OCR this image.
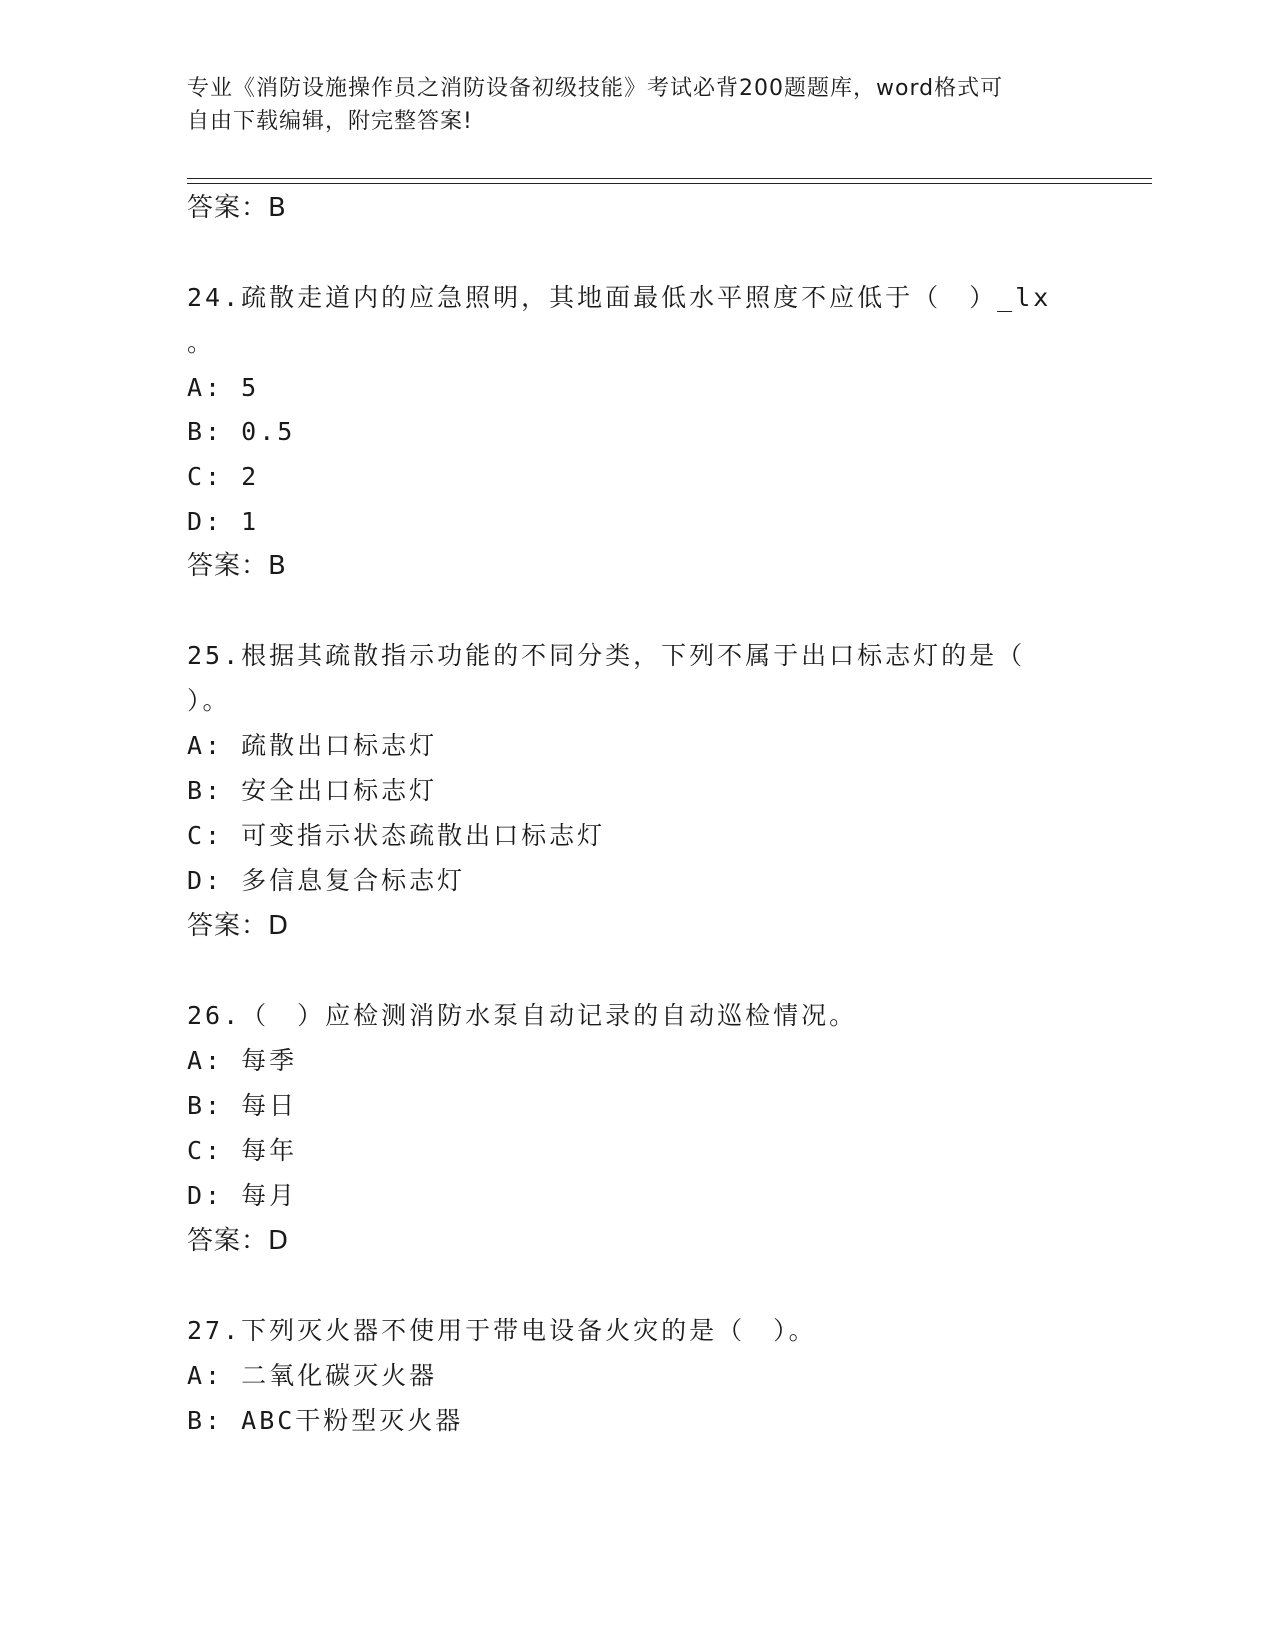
专业《消防设施操作员之消防设备初级技能》考试必背200题题库，word格式可
自由下载编辑，附完整答案!
答案：B
24.疏散走道内的应急照明，其地面最低水平照度不应低于（　）_lx
。
A: 5
B: 0.5
C: 2
D: 1
答案：B
25.根据其疏散指示功能的不同分类，下列不属于出口标志灯的是（
）。
A: 疏散出口标志灯
B: 安全出口标志灯
C: 可变指示状态疏散出口标志灯
D: 多信息复合标志灯
答案：D
26.（　）应检测消防水泵自动记录的自动巡检情况。
A: 每季
B: 每日
C: 每年
D: 每月
答案：D
27.下列灭火器不使用于带电设备火灾的是（　）。
A: 二氧化碳灭火器
B: ABC干粉型灭火器
